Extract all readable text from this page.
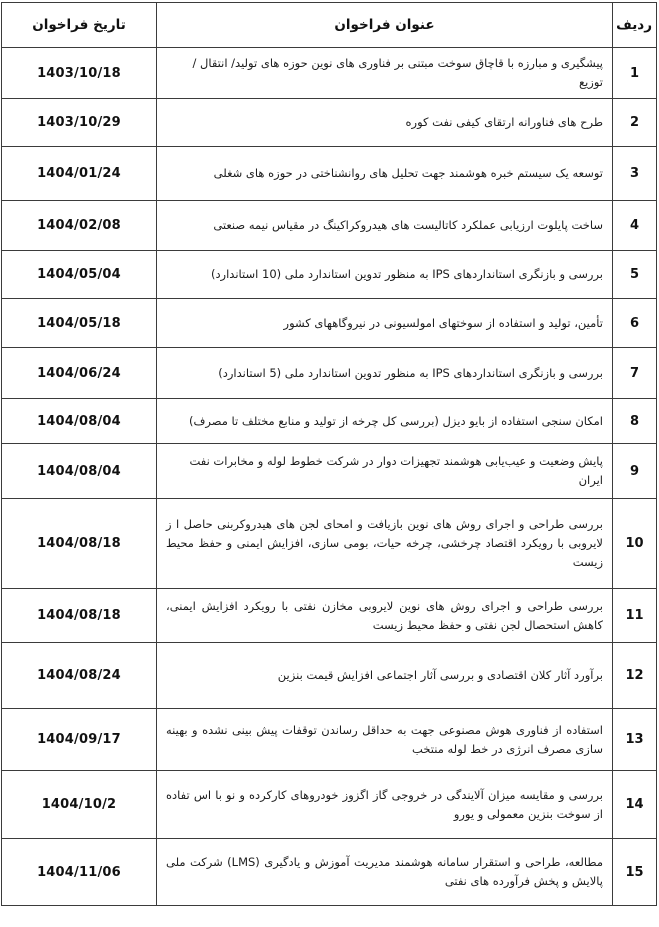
ردیف	عنوان فراخوان	تاریخ فراخوان
1	پیشگیری و مبارزه با قاچاق سوخت مبتنی بر فناوری های نوین حوزه های تولید/ انتقال / توزیع	1403/10/18
2	طرح های فناورانه ارتقای کیفی نفت کوره	1403/10/29
3	توسعه یک سیستم خبره هوشمند جهت تحلیل های روانشناختی در حوزه های شغلی	1404/01/24
4	ساخت پایلوت ارزیابی عملکرد کاتالیست های هیدروکراکینگ در مقیاس نیمه صنعتی	1404/02/08
5	بررسی و بازنگری استانداردهای IPS به منظور تدوین استاندارد ملی (10 استاندارد)	1404/05/04
6	تأمین، تولید و استفاده از سوختهای امولسیونی در نیروگاههای کشور	1404/05/18
7	بررسی و بازنگری استانداردهای IPS به منظور تدوین استاندارد ملی (5 استاندارد)	1404/06/24
8	امکان سنجی استفاده از بایو دیزل (بررسی کل چرخه از تولید و منابع مختلف تا مصرف)	1404/08/04
9	پایش وضعیت و عیب‌یابی هوشمند تجهیزات دوار در شرکت خطوط لوله و مخابرات نفت ایران	1404/08/04
10	بررسی طراحی و اجرای روش های نوین بازیافت و امحای لجن های هیدروکربنی حاصل ا ز لایروبی با رویکرد اقتصاد چرخشی، چرخه حیات، بومی سازی، افزایش ایمنی و حفظ محیط زیست	1404/08/18
11	بررسی طراحی و اجرای روش های نوین لایروبی مخازن نفتی با رویکرد افزایش ایمنی، کاهش استحصال لجن نفتی و حفظ محیط زیست	1404/08/18
12	برآورد آثار کلان اقتصادی و بررسی آثار اجتماعی افزایش قیمت بنزین	1404/08/24
13	استفاده از فناوری هوش مصنوعی جهت به حداقل رساندن توقفات پیش بینی نشده و بهینه سازی مصرف انرژی در خط لوله منتخب	1404/09/17
14	بررسی و مقایسه میزان آلایندگی در خروجی گاز اگزوز خودروهای کارکرده و نو با اس تفاده از سوخت بنزین معمولی و یورو	1404/10/2
15	مطالعه، طراحی و استقرار سامانه هوشمند مدیریت آموزش و یادگیری (LMS) شرکت ملی پالایش و پخش فرآورده های نفتی	1404/11/06
